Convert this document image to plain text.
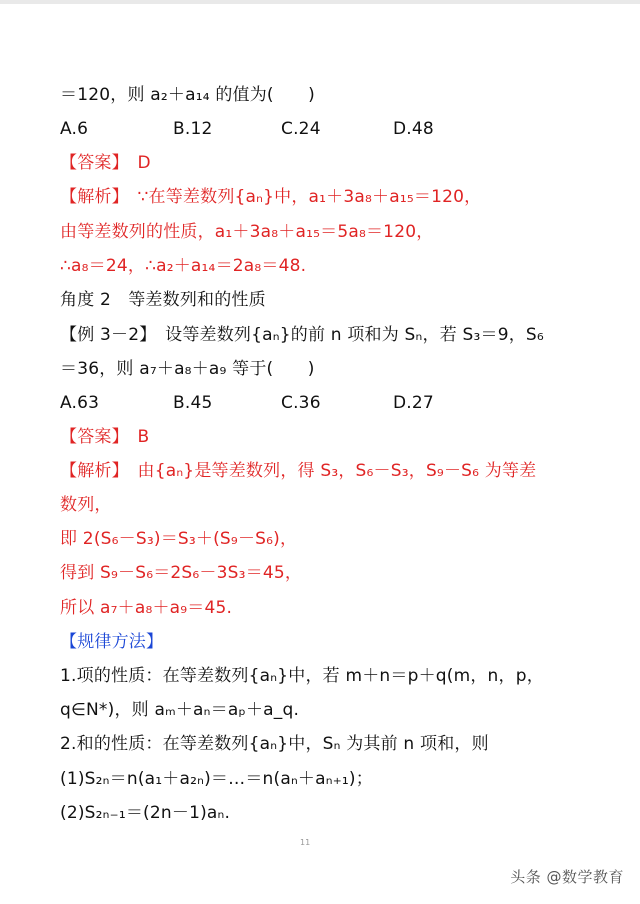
＝120，则 a₂＋a₁₄ 的值为(　　)
A.6	B.12	C.24	D.48
【答案】　D
【解析】　∵在等差数列{aₙ}中，a₁＋3a₈＋a₁₅＝120，
由等差数列的性质，a₁＋3a₈＋a₁₅＝5a₈＝120，
∴a₈＝24，∴a₂＋a₁₄＝2a₈＝48.
角度 2　等差数列和的性质
【例 3－2】　设等差数列{aₙ}的前 n 项和为 Sₙ，若 S₃＝9，S₆
＝36，则 a₇＋a₈＋a₉ 等于(　　)
A.63	B.45	C.36	D.27
【答案】　B
【解析】　由{aₙ}是等差数列，得 S₃，S₆－S₃，S₉－S₆ 为等差
数列，
即 2(S₆－S₃)＝S₃＋(S₉－S₆)，
得到 S₉－S₆＝2S₆－3S₃＝45，
所以 a₇＋a₈＋a₉＝45.
【规律方法】
1.项的性质：在等差数列{aₙ}中，若 m＋n＝p＋q(m，n，p，
q∈N*)，则 aₘ＋aₙ＝aₚ＋a_q.
2.和的性质：在等差数列{aₙ}中，Sₙ 为其前 n 项和，则
(1)S₂ₙ＝n(a₁＋a₂ₙ)＝…＝n(aₙ＋aₙ₊₁)；
(2)S₂ₙ₋₁＝(2n－1)aₙ.
11
头条 @数学教育
